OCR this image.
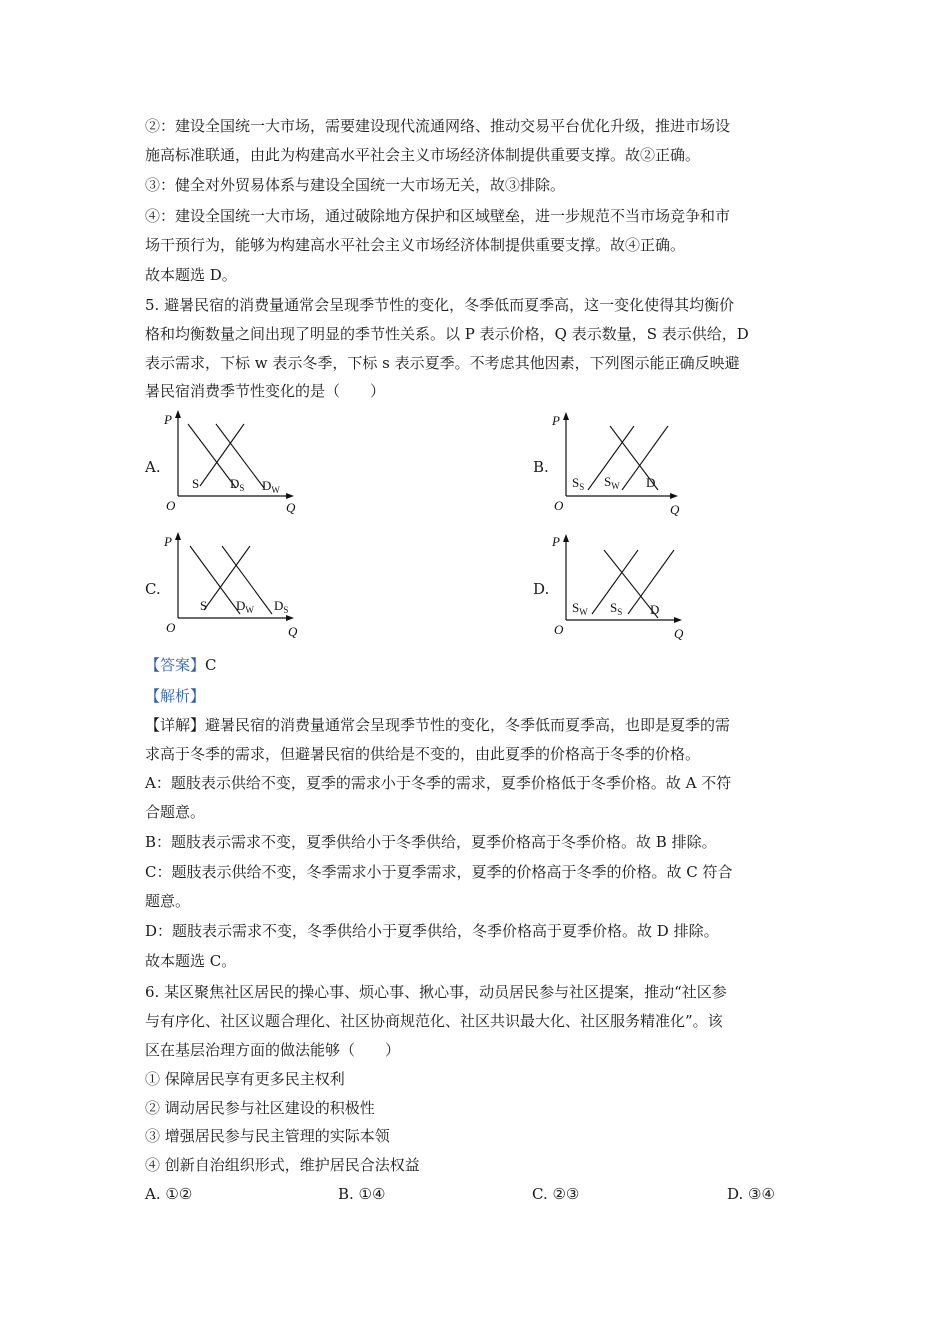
②：建设全国统一大市场，需要建设现代流通网络、推动交易平台优化升级，推进市场设
施高标准联通，由此为构建高水平社会主义市场经济体制提供重要支撑。故②正确。
③：健全对外贸易体系与建设全国统一大市场无关，故③排除。
④：建设全国统一大市场，通过破除地方保护和区域壁垒，进一步规范不当市场竞争和市
场干预行为，能够为构建高水平社会主义市场经济体制提供重要支撑。故④正确。
故本题选 D。
5. 避暑民宿的消费量通常会呈现季节性的变化，冬季低而夏季高，这一变化使得其均衡价
格和均衡数量之间出现了明显的季节性关系。以 P 表示价格，Q 表示数量，S 表示供给，D
表示需求，下标 w 表示冬季，下标 s 表示夏季。不考虑其他因素，下列图示能正确反映避
暑民宿消费季节性变化的是（　　）
A.
P
O	Q
S $D_S$ $D_W$
B.
P
O	Q
$S_S$ $S_W$ D
C.
P
O	Q
S $D_W$ $D_S$
D.
P
O	Q
$S_W$ $S_S$ D
【答案】C
【解析】
【详解】避暑民宿的消费量通常会呈现季节性的变化，冬季低而夏季高，也即是夏季的需
求高于冬季的需求，但避暑民宿的供给是不变的，由此夏季的价格高于冬季的价格。
A：题肢表示供给不变，夏季的需求小于冬季的需求，夏季价格低于冬季价格。故 A 不符
合题意。
B：题肢表示需求不变，夏季供给小于冬季供给，夏季价格高于冬季价格。故 B 排除。
C：题肢表示供给不变，冬季需求小于夏季需求，夏季的价格高于冬季的价格。故 C 符合
题意。
D：题肢表示需求不变，冬季供给小于夏季供给，冬季价格高于夏季价格。故 D 排除。
故本题选 C。
6. 某区聚焦社区居民的操心事、烦心事、揪心事，动员居民参与社区提案，推动“社区参
与有序化、社区议题合理化、社区协商规范化、社区共识最大化、社区服务精准化”。该
区在基层治理方面的做法能够（　　）
① 保障居民享有更多民主权利
② 调动居民参与社区建设的积极性
③ 增强居民参与民主管理的实际本领
④ 创新自治组织形式，维护居民合法权益
A. ①②	B. ①④	C. ②③	D. ③④
